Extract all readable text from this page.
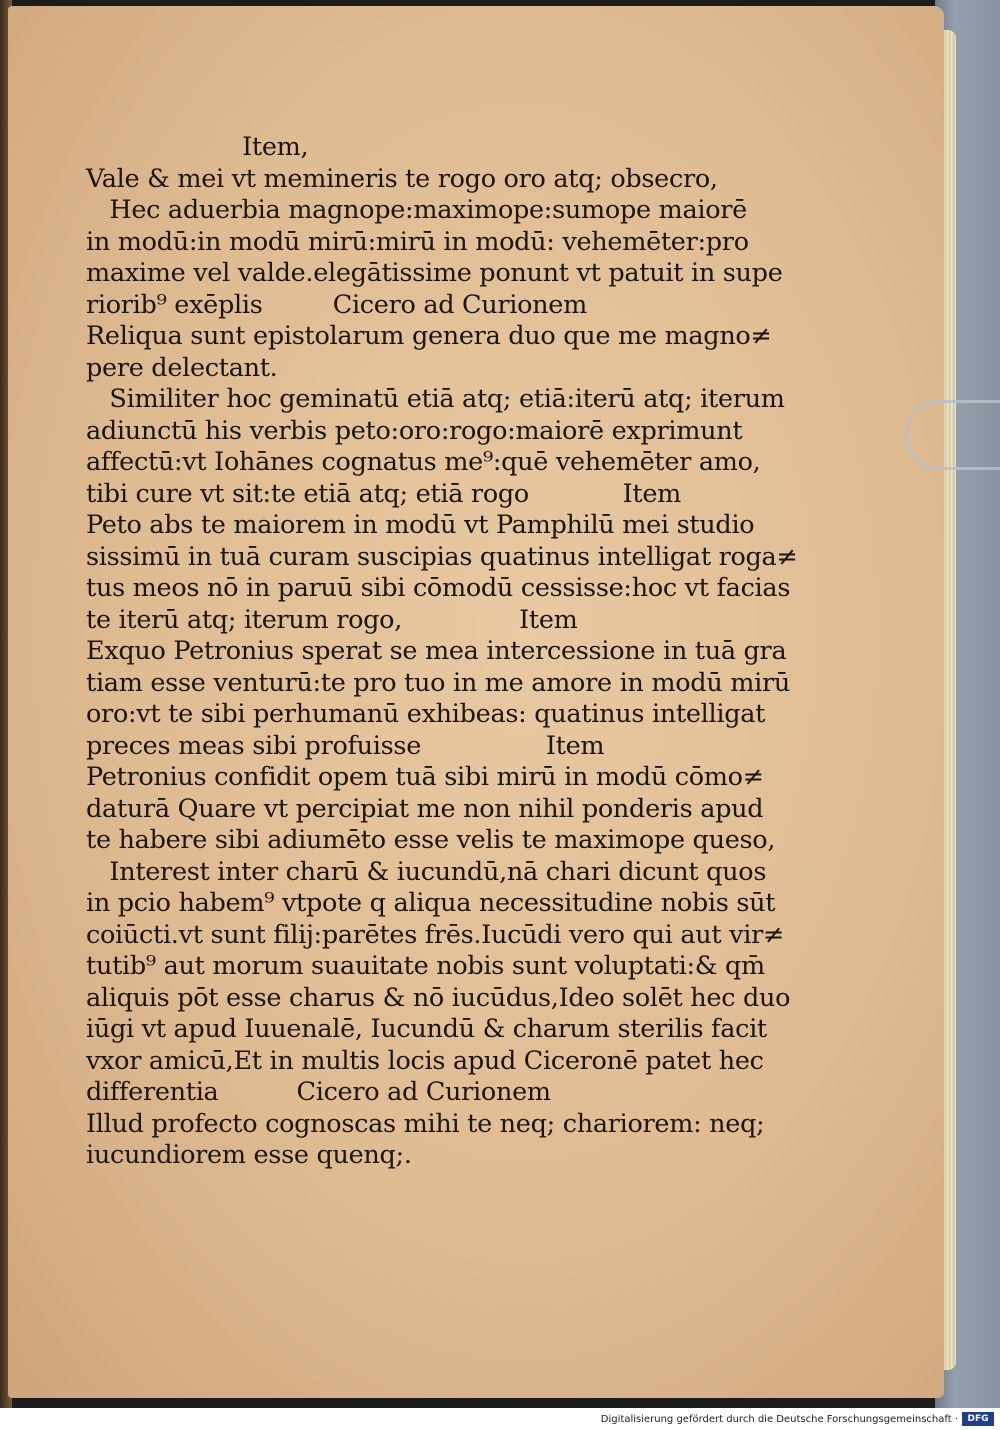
Item,
Vale & mei vt memineris te rogo oro atq; obsecro,
Hec aduerbia magnope:maximope:sumope maiorē
in modū:in modū mirū:mirū in modū: vehemēter:pro
maxime vel valde.elegātissime ponunt vt patuit in supe
riorib⁹ exēplis         Cicero ad Curionem
Reliqua sunt epistolarum genera duo que me magno≠
pere delectant.
Similiter hoc geminatū etiā atq; etiā:iterū atq; iterum
adiunctū his verbis peto:oro:rogo:maiorē exprimunt
affectū:vt Iohānes cognatus me⁹:quē vehemēter amo,
tibi cure vt sit:te etiā atq; etiā rogo            Item
Peto abs te maiorem in modū vt Pamphilū mei studio
sissimū in tuā curam suscipias quatinus intelligat roga≠
tus meos nō in paruū sibi cōmodū cessisse:hoc vt facias
te iterū atq; iterum rogo,               Item
Exquo Petronius sperat se mea intercessione in tuā gra
tiam esse venturū:te pro tuo in me amore in modū mirū
oro:vt te sibi perhumanū exhibeas: quatinus intelligat
preces meas sibi profuisse                Item
Petronius confidit opem tuā sibi mirū in modū cōmo≠
daturā Quare vt percipiat me non nihil ponderis apud
te habere sibi adiumēto esse velis te maximope queso,
Interest inter charū & iucundū,nā chari dicunt quos
in pcio habem⁹ vtpote q aliqua necessitudine nobis sūt
coiūcti.vt sunt filij:parētes frēs.Iucūdi vero qui aut vir≠
tutib⁹ aut morum suauitate nobis sunt voluptati:& qm̄
aliquis pōt esse charus & nō iucūdus,Ideo solēt hec duo
iūgi vt apud Iuuenalē, Iucundū & charum sterilis facit
vxor amicū,Et in multis locis apud Ciceronē patet hec
differentia          Cicero ad Curionem
Illud profecto cognoscas mihi te neq; chariorem: neq;
iucundiorem esse quenq;.
Digitalisierung gefördert durch die Deutsche Forschungsgemeinschaft ·	DFG
